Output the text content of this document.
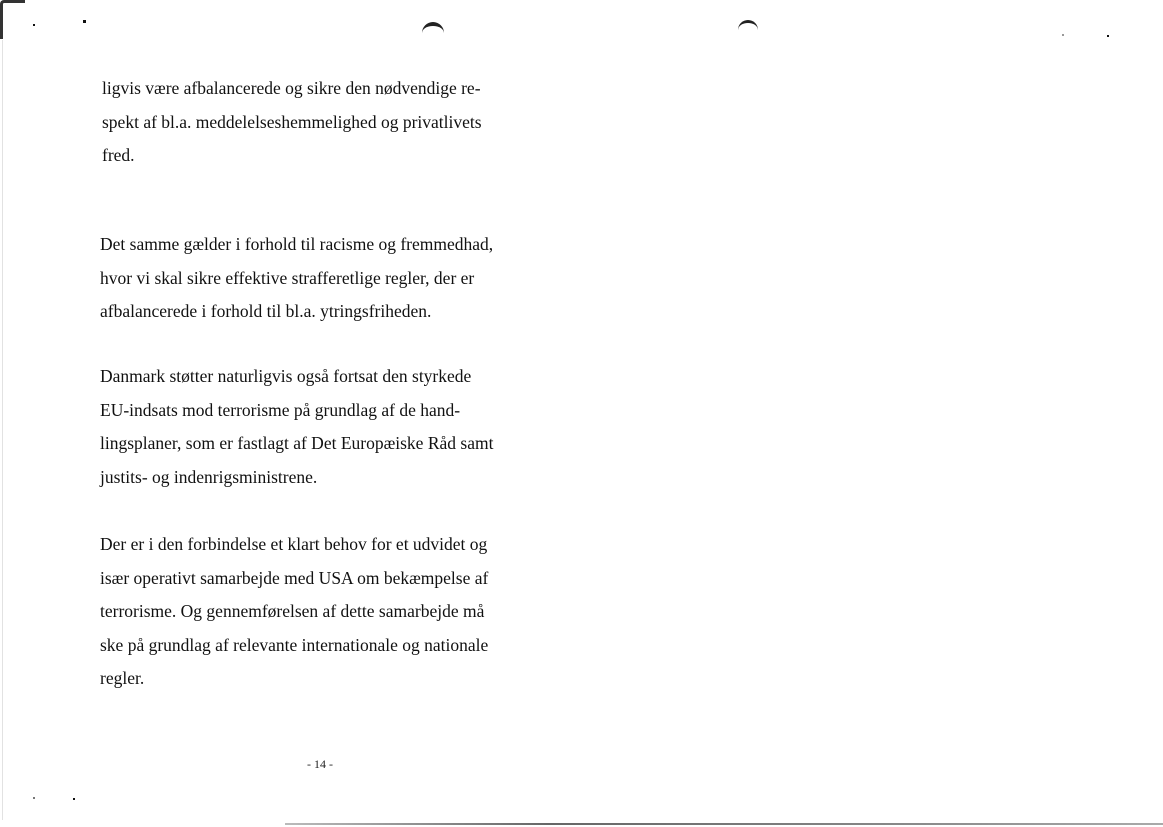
ligvis være afbalancerede og sikre den nødvendige re-
spekt af bl.a. meddelelseshemmelighed og privatlivets
fred.
Det samme gælder i forhold til racisme og fremmedhad,
hvor vi skal sikre effektive strafferetlige regler, der er
afbalancerede i forhold til bl.a. ytringsfriheden.
Danmark støtter naturligvis også fortsat den styrkede
EU-indsats mod terrorisme på grundlag af de hand-
lingsplaner, som er fastlagt af Det Europæiske Råd samt
justits- og indenrigsministrene.
Der er i den forbindelse et klart behov for et udvidet og
især operativt samarbejde med USA om bekæmpelse af
terrorisme. Og gennemførelsen af dette samarbejde må
ske på grundlag af relevante internationale og nationale
regler.
- 14 -
